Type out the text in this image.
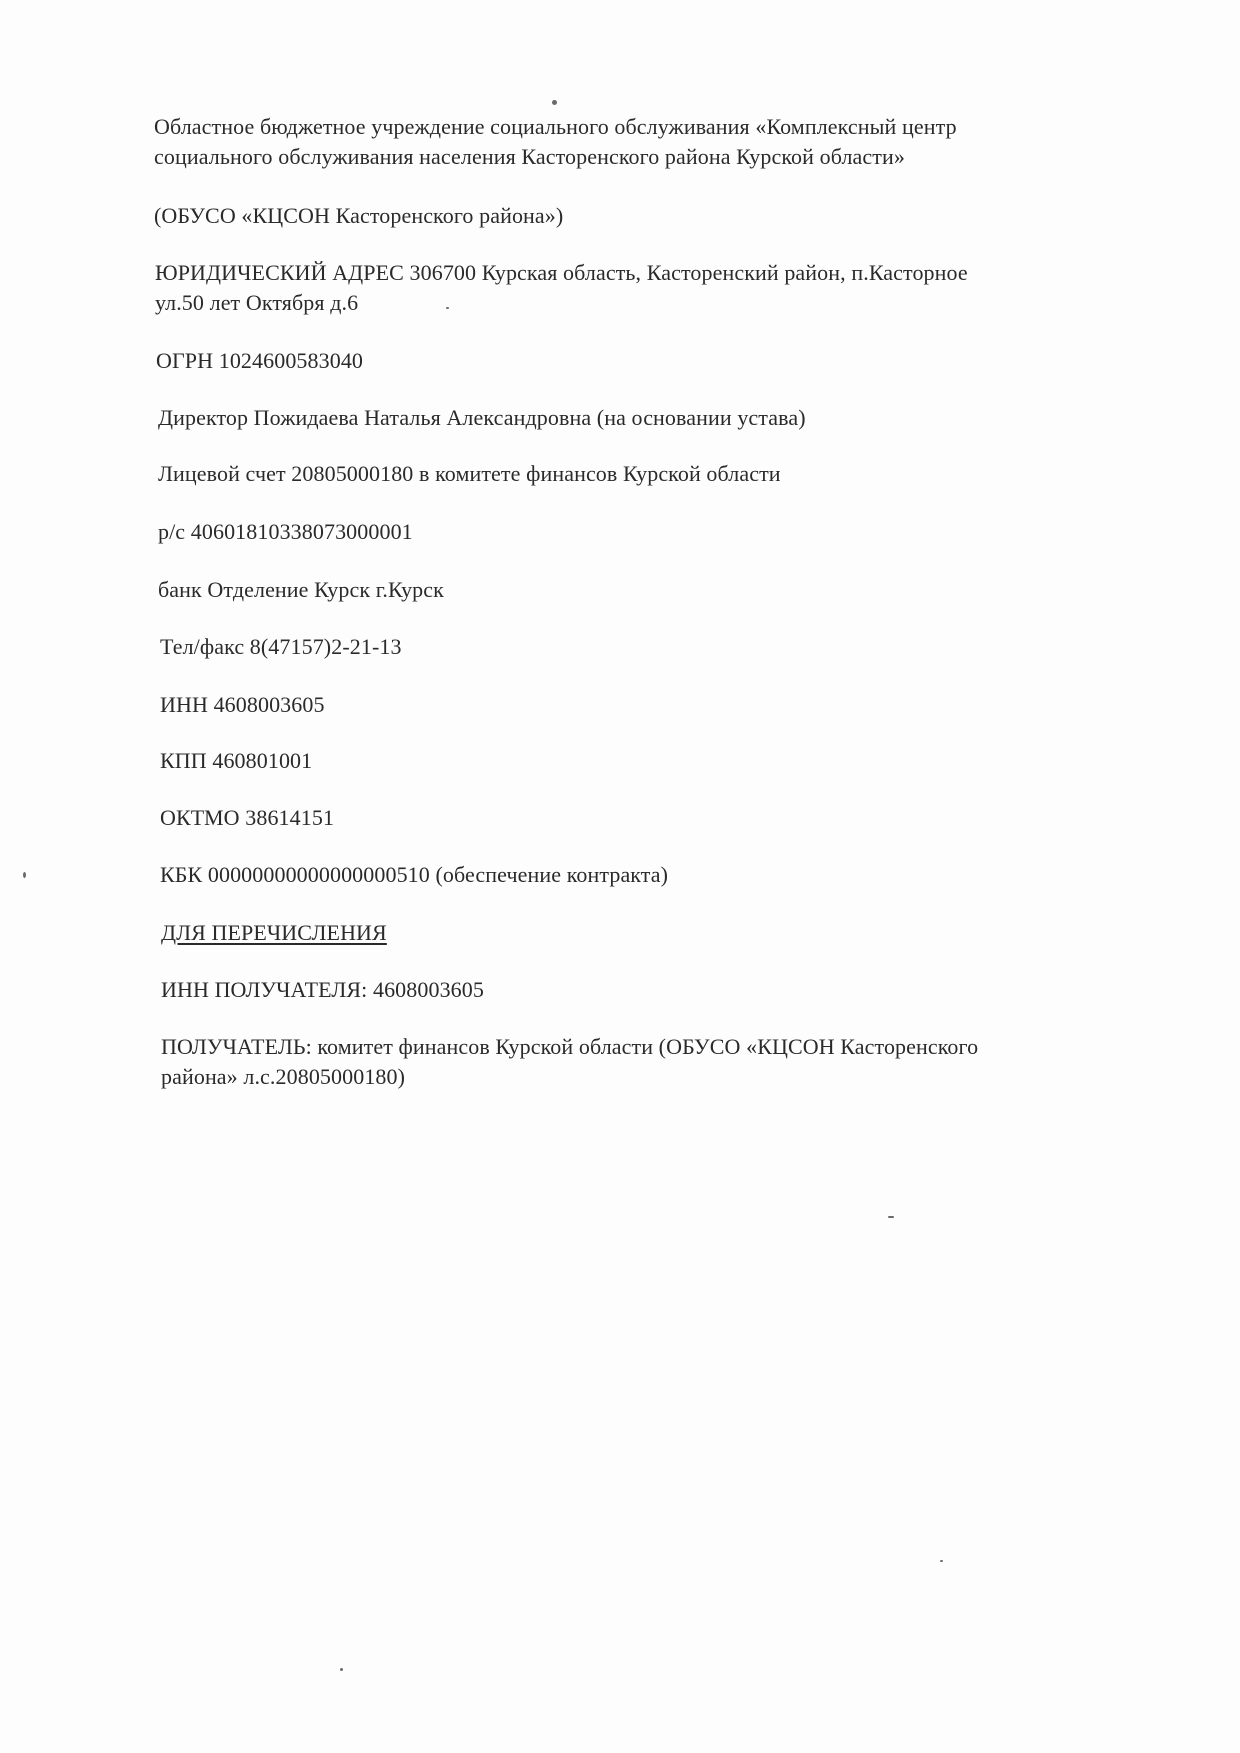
Областное бюджетное учреждение социального обслуживания «Комплексный центр
социального обслуживания населения Касторенского района Курской области»
(ОБУСО «КЦСОН Касторенского района»)
ЮРИДИЧЕСКИЙ АДРЕС 306700 Курская область, Касторенский район, п.Касторное
ул.50 лет Октября д.6
ОГРН 1024600583040
Директор Пожидаева Наталья Александровна (на основании устава)
Лицевой счет 20805000180 в комитете финансов Курской области
р/с 40601810338073000001
банк Отделение Курск г.Курск
Тел/факс 8(47157)2-21-13
ИНН 4608003605
КПП 460801001
ОКТМО 38614151
КБК 00000000000000000510 (обеспечение контракта)
ДЛЯ ПЕРЕЧИСЛЕНИЯ
ИНН ПОЛУЧАТЕЛЯ: 4608003605
ПОЛУЧАТЕЛЬ: комитет финансов Курской области (ОБУСО «КЦСОН Касторенского
района» л.с.20805000180)
